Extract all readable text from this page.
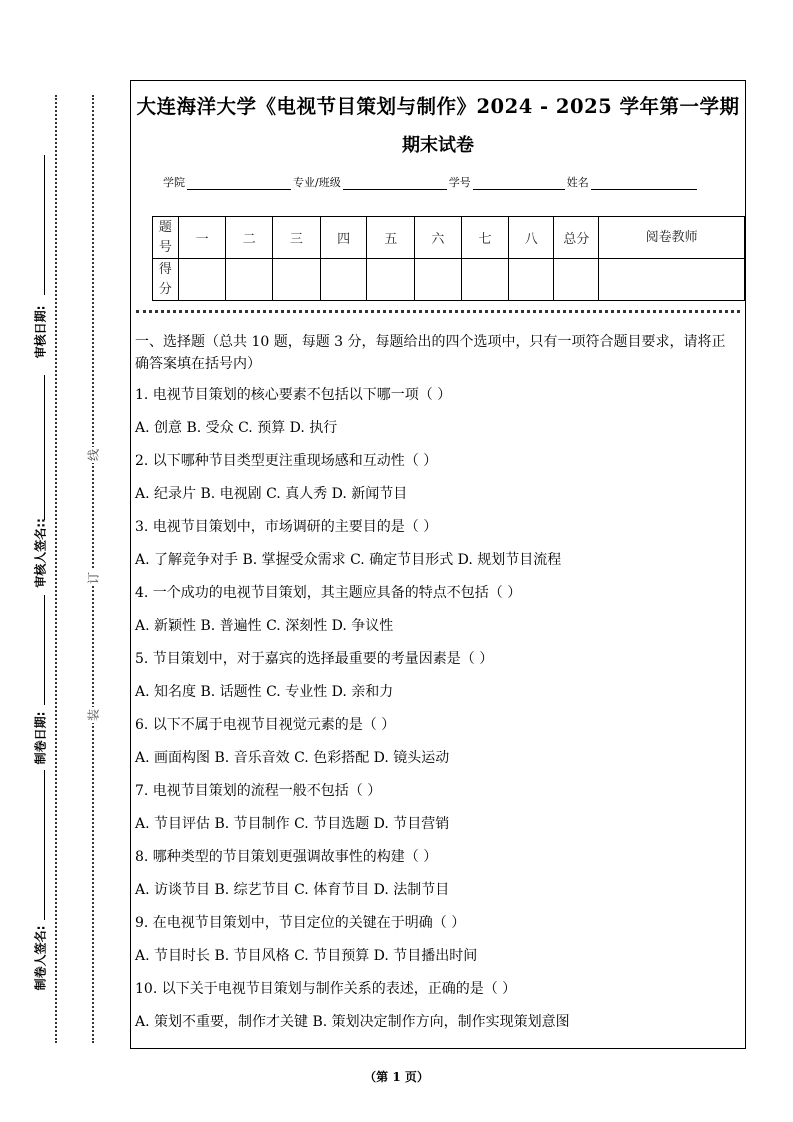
审核日期:
审核人签名::
制卷日期:
制卷人签名:
线
订
装
大连海洋大学《电视节目策划与制作》2024 - 2025 学年第一学期
期末试卷
学院	专业/班级	学号	姓名
题号	一	二	三	四	五	六	七	八	总分	阅卷教师
得分										
一、选择题（总共 10 题，每题 3 分，每题给出的四个选项中，只有一项符合题目要求，请将正确答案填在括号内）
1. 电视节目策划的核心要素不包括以下哪一项（ ）
A. 创意 B. 受众 C. 预算 D. 执行
2. 以下哪种节目类型更注重现场感和互动性（ ）
A. 纪录片 B. 电视剧 C. 真人秀 D. 新闻节目
3. 电视节目策划中，市场调研的主要目的是（ ）
A. 了解竞争对手 B. 掌握受众需求 C. 确定节目形式 D. 规划节目流程
4. 一个成功的电视节目策划，其主题应具备的特点不包括（ ）
A. 新颖性 B. 普遍性 C. 深刻性 D. 争议性
5. 节目策划中，对于嘉宾的选择最重要的考量因素是（ ）
A. 知名度 B. 话题性 C. 专业性 D. 亲和力
6. 以下不属于电视节目视觉元素的是（ ）
A. 画面构图 B. 音乐音效 C. 色彩搭配 D. 镜头运动
7. 电视节目策划的流程一般不包括（ ）
A. 节目评估 B. 节目制作 C. 节目选题 D. 节目营销
8. 哪种类型的节目策划更强调故事性的构建（ ）
A. 访谈节目 B. 综艺节目 C. 体育节目 D. 法制节目
9. 在电视节目策划中，节目定位的关键在于明确（ ）
A. 节目时长 B. 节目风格 C. 节目预算 D. 节目播出时间
10. 以下关于电视节目策划与制作关系的表述，正确的是（ ）
A. 策划不重要，制作才关键 B. 策划决定制作方向，制作实现策划意图
（第 1 页）
